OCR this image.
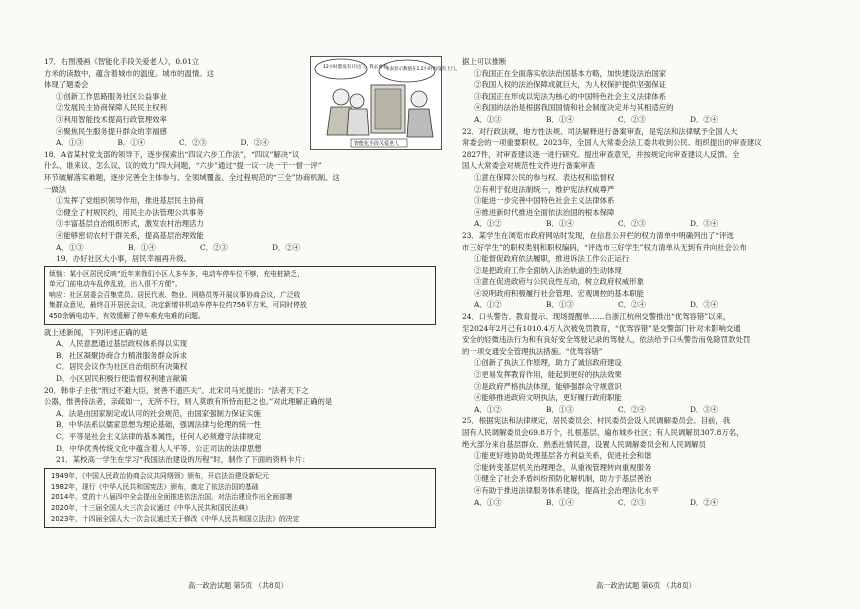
12小时都没有开过门，我去看看。
水表显示数值在1.2小时内没有上门。
智能化手段关爱老人
17．右图漫画《智能化手段关爱老人》，0.01立
方米的读数中，蕴含着城市的温度。城市的温情。这
体现了题委会
①创新工作思路服务社区公益事业
②发展民主协商保障人民民主权利
③利用智能技术提高行政管理效率
④聚焦民生服务提升群众的幸福感
A．①③	B．①④	C．②③	D．②④
18．A省某村党支部的领导下，逐步探索出“四议六步工作法”，“四议”解决“议
什么、谁来议、怎么议、议的效力”四大问题，“六步”通过“提一议一决一干一督一评”
环节破解落实难题，逐步完善全主体参与、全领域覆盖、全过程规范的“三全”协商机制。这
一做法
①发挥了党组织领导作用，推进基层民主协商
②健全了村规民约，用民主办法管理公共事务
③丰富基层自治组织形式，激发农村治理活力
④能够密切农村干群关系，提高基层治理效能
A．①③	B．①④	C．②③	D．②④
19．办好社区大小事，居民幸福再升级。
烦恼：某小区居民反映“近年来我们小区人多车多，电动车停车位不够，充电桩缺乏，
单元门前电动车乱停乱放，出入很不方便”。
响应：社区居委会召集党员、居民代表、物业、网格员等开展议事协商会议，广泛收
集群众意见，最终召开居民会议，决定新增非机动车停车位约756平方米，可同时停放
450余辆电动车，有效缓解了停车难充电难的问题。
就上述新闻，下列评述正确的是
A．人民意愿通过基层政权体系得以实现
B．社区凝聚协商合力精准服务群众诉求
C．居民会议作为社区自治组织有决策权
D．小区居民积极行使监督权利建言献策
20．韩非子主张“刑过不避大臣，赏善不遗匹夫”。北宋司马光提出：“法者天下之
公器，惟善持法者，亲疏如一，无所不行，则人莫敢有所恃而犯之也。”对此理解正确的是
A．法是由国家制定或认可的社会规范，由国家强制力保证实施
B．中华法系以儒家思想为理论基础，强调法律与伦理的统一性
C．平等是社会主义法律的基本属性，任何人必须遵守法律规定
D．中华优秀传统文化中蕴含着人人平等、公正司法的法律思想
21．某校高一学生在学习“我国法治建设的历程”时，制作了下面的资料卡片：
1949年，《中国人民政治协商会议共同纲领》颁布，开启法治建设新纪元
1982年，现行《中华人民共和国宪法》颁布，奠定了依法治国的基础
2014年，党的十八届四中全会提出全面推进依法治国，对法治建设作出全面部署
2020年，十三届全国人大三次会议通过《中华人民共和国民法典》
2023年，十四届全国人大一次会议通过关于修改《中华人民共和国立法法》的决定
据上可以推断
①我国正在全面落实依法治国基本方略，加快建设法治国家
②我国人权的法治保障成就巨大，为人权保护提供坚强保证
③我国正在形成以宪法为核心的中国特色社会主义法律体系
④我国的法治是根据我国国情和社会制度决定并与其相适应的
A．①③	B．①④	C．②③	D．②④
22．对行政法规、地方性法规、司法解释进行备案审查，是宪法和法律赋予全国人大
常委会的一项重要职权。2023年，全国人大常委会法工委共收到公民、组织提出的审查建议
2827件，对审查建议逐一进行研究。提出审查意见，并按规定向审查建议人反馈。全
国人大常委会对规范性文件进行备案审查
①意在保障公民的参与权、表达权和监督权
②有利于促进法制统一，维护宪法权威尊严
③能进一步完善中国特色社会主义法律体系
④推进新时代推进全面依法治国的根本保障
A．①②	B．①④	C．②③	D．③④
23．某学生在浏览市政府网站时发现，在信息公开栏的权力清单中明确列出了“评选
市三好学生”的职权类别和职权编码，“评选市三好学生”权力清单从无到有并向社会公布
①能督促政府依法履职，推进诉法工作公正运行
②是把政府工作全面纳入法治轨道的生动体现
③意在促进政府与公民良性互动，树立政府权威形象
④说明政府积极履行社会管理、宏观调控的基本职能
A．①②	B．①③	C．②④	D．③④
24．口头警告、教育提示、现场提醒单……自浙江杭州交警推出“优驾容错”以来，
至2024年2月己有1010.4万人次被免罚教育，“优驾容错”是交警部门针对未影响交通
安全的轻微违法行为和有良好安全驾驶记录的驾驶人，依法给予口头警告而免除罚款处罚
的一项交通安全管理执法措施。“优驾容错”
①创新了执法工作原理，助力了诚信政府建设
②更易发挥教育作用，能起到更好的执法效果
③是政府严格执法体现，能够强群众守规意识
④能够推进政府文明执法，更好履行政府职能
A．①②	B．①③	C．②④	D．③④
25．根据宪法和法律规定，居民委员会、村民委员会设人民调解委员会。目前，我
国有人民调解委员会69.8万个，扎根基层、遍布城乡社区；有人民调解员307.8万名，
绝大部分来自基层群众、熟悉社情民意，设置人民调解委员会和人民调解员
①能更好地协助处理基层各方利益关系，促进社会和谐
②能转变基层机关治理理念，从重视管理转向重视服务
③健全了社会矛盾纠纷预防化解机制，助力于基层善治
④有助于推进法律服务体系建设，提高社会治理法化水平
A．①③	B．①④	C．②③	D．②④
高一政治试题 第5页 （共8页）	高一政治试题 第6页 （共8页）
